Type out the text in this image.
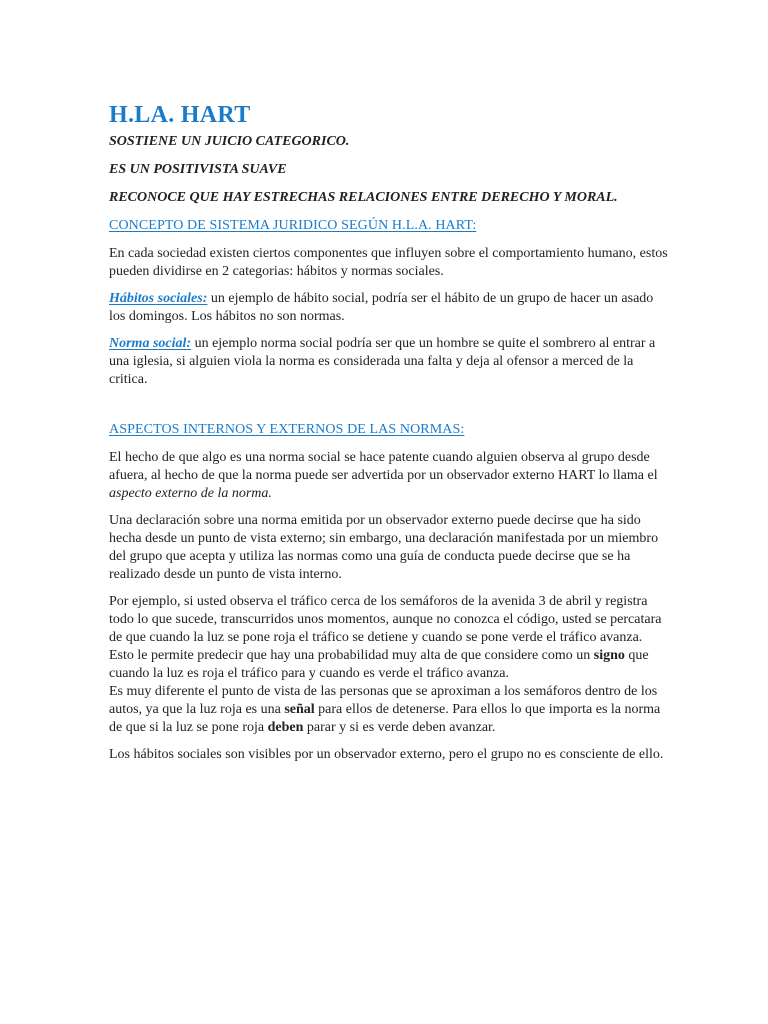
H.LA. HART

SOSTIENE UN JUICIO CATEGORICO.

ES UN POSITIVISTA SUAVE

RECONOCE QUE HAY ESTRECHAS RELACIONES ENTRE DERECHO Y MORAL.

CONCEPTO DE SISTEMA JURIDICO SEGÚN H.L.A. HART:

En cada sociedad existen ciertos componentes que influyen sobre el comportamiento humano, estos pueden dividirse en 2 categorias: hábitos y normas sociales.

Hábitos sociales: un ejemplo de hábito social, podría ser el hábito de un grupo de hacer un asado los domingos. Los hábitos no son normas.

Norma social: un ejemplo norma social podría ser que un hombre se quite el sombrero al entrar a una iglesia, si alguien viola la norma es considerada una falta y deja al ofensor a merced de la critica.

ASPECTOS INTERNOS Y EXTERNOS DE LAS NORMAS:

El hecho de que algo es una norma social se hace patente cuando alguien observa al grupo desde afuera, al hecho de que la norma puede ser advertida por un observador externo HART lo llama el aspecto externo de la norma.

Una declaración sobre una norma emitida por un observador externo puede decirse que ha sido hecha desde un punto de vista externo; sin embargo, una declaración manifestada por un miembro del grupo que acepta y utiliza las normas como una guía de conducta puede decirse que se ha realizado desde un punto de vista interno.

Por ejemplo, si usted observa el tráfico cerca de los semáforos de la avenida 3 de abril y registra todo lo que sucede, transcurridos unos momentos, aunque no conozca el código, usted se percatara de que cuando la luz se pone roja el tráfico se detiene y cuando se pone verde el tráfico avanza.

Esto le permite predecir que hay una probabilidad muy alta de que considere como un signo que cuando la luz es roja el tráfico para y cuando es verde el tráfico avanza.

Es muy diferente el punto de vista de las personas que se aproximan a los semáforos dentro de los autos, ya que la luz roja es una señal para ellos de detenerse. Para ellos lo que importa es la norma de que si la luz se pone roja deben parar y si es verde deben avanzar.

Los hábitos sociales son visibles por un observador externo, pero el grupo no es consciente de ello.
